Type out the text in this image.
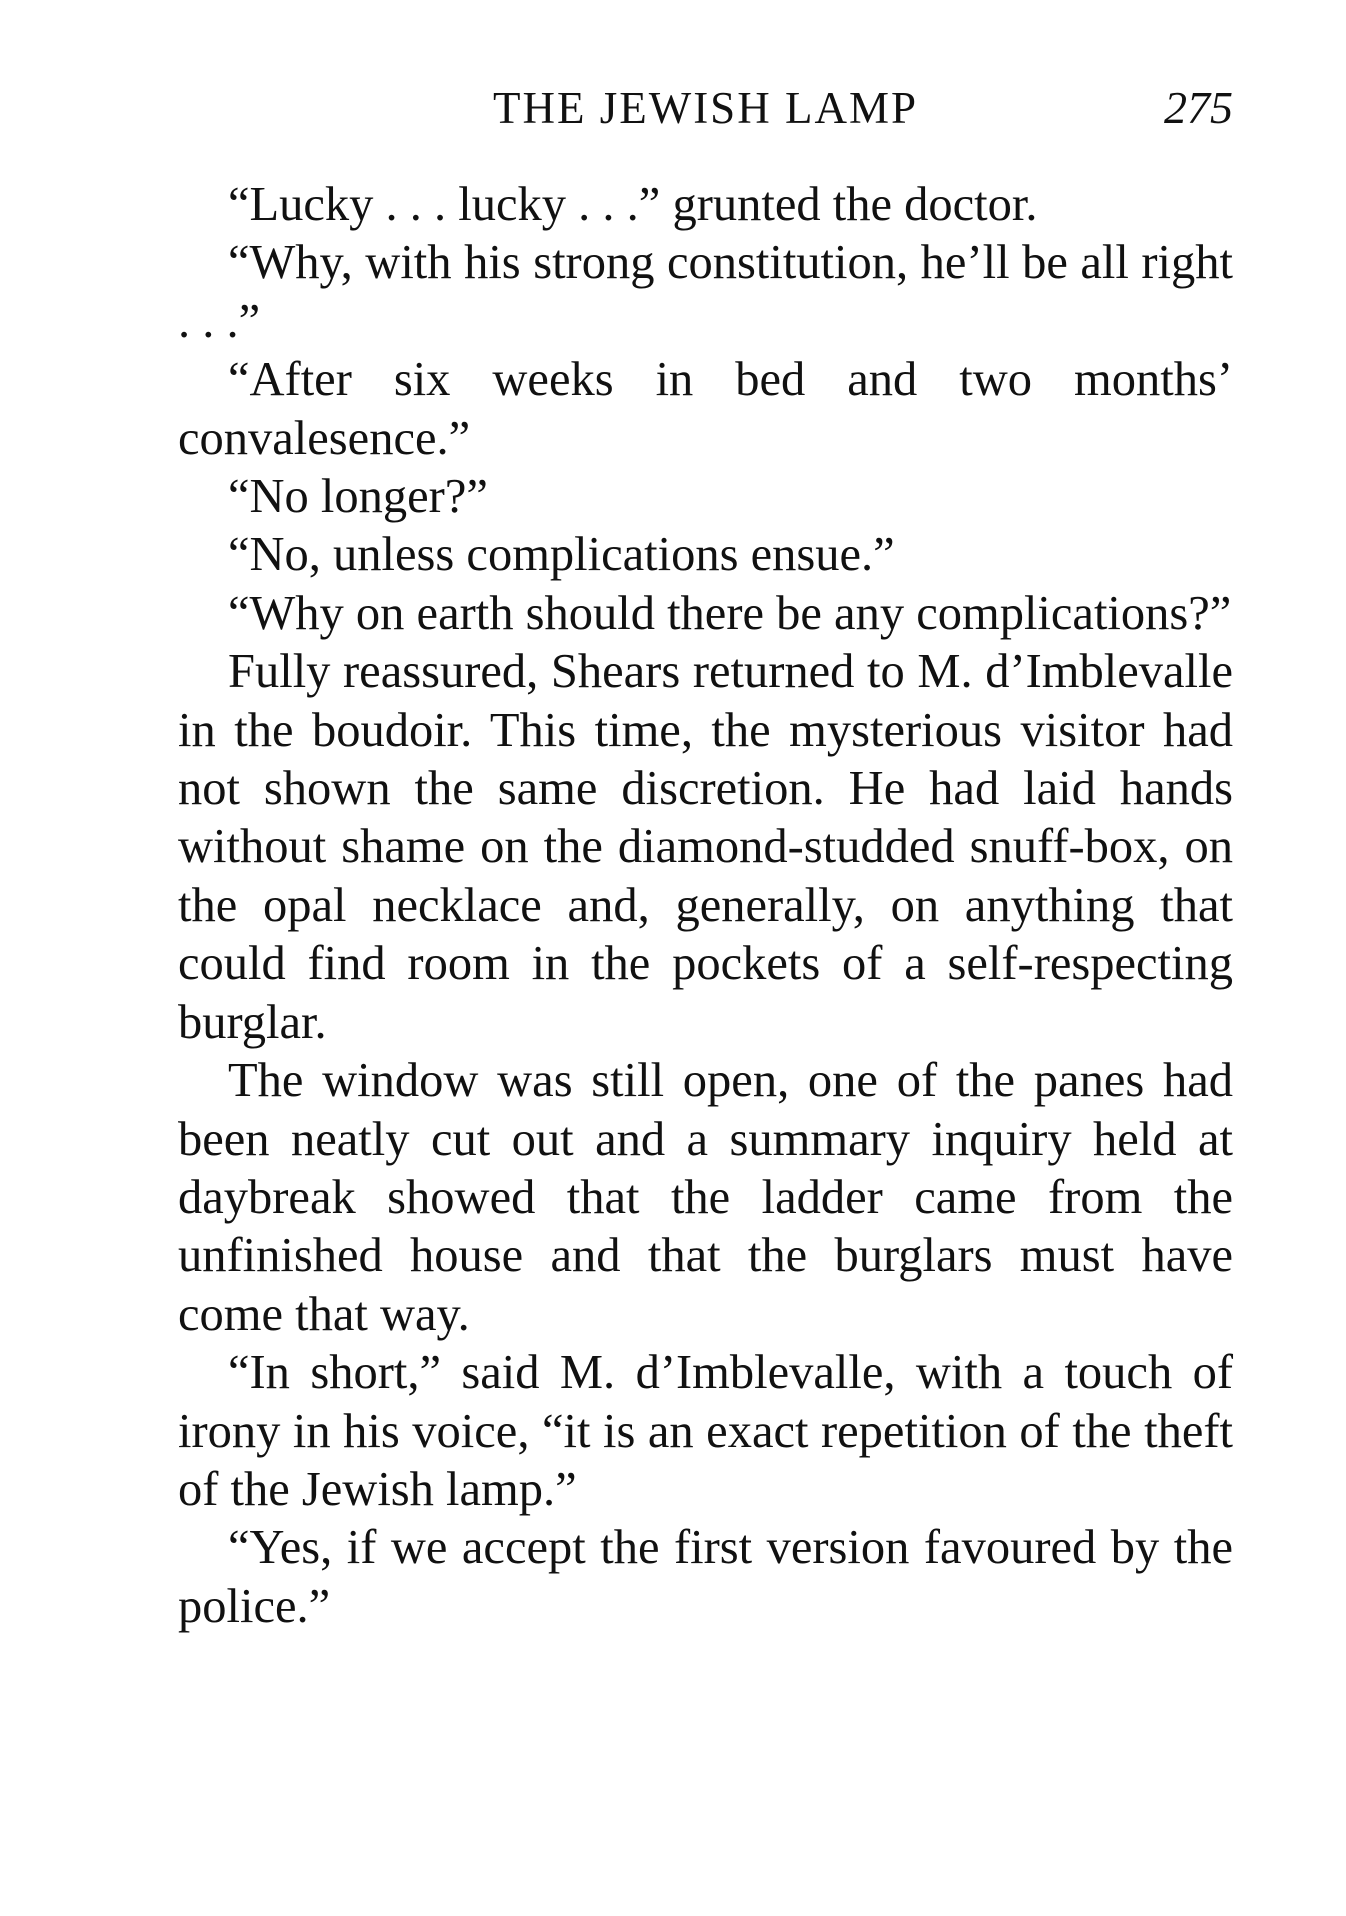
THE JEWISH LAMP	275

“Lucky . . . lucky . . .” grunted the doctor.

“Why, with his strong constitution, he’ll be all right . . .”

“After six weeks in bed and two months’ convalesence.”

“No longer?”

“No, unless complications ensue.”

“Why on earth should there be any complications?”

Fully reassured, Shears returned to M. d’Imblevalle in the boudoir. This time, the mysterious visitor had not shown the same discretion. He had laid hands without shame on the diamond-studded snuff-box, on the opal necklace and, generally, on anything that could find room in the pockets of a self-respecting burglar.

The window was still open, one of the panes had been neatly cut out and a summary inquiry held at daybreak showed that the ladder came from the unfinished house and that the burglars must have come that way.

“In short,” said M. d’Imblevalle, with a touch of irony in his voice, “it is an exact repetition of the theft of the Jewish lamp.”

“Yes, if we accept the first version favoured by the police.”
